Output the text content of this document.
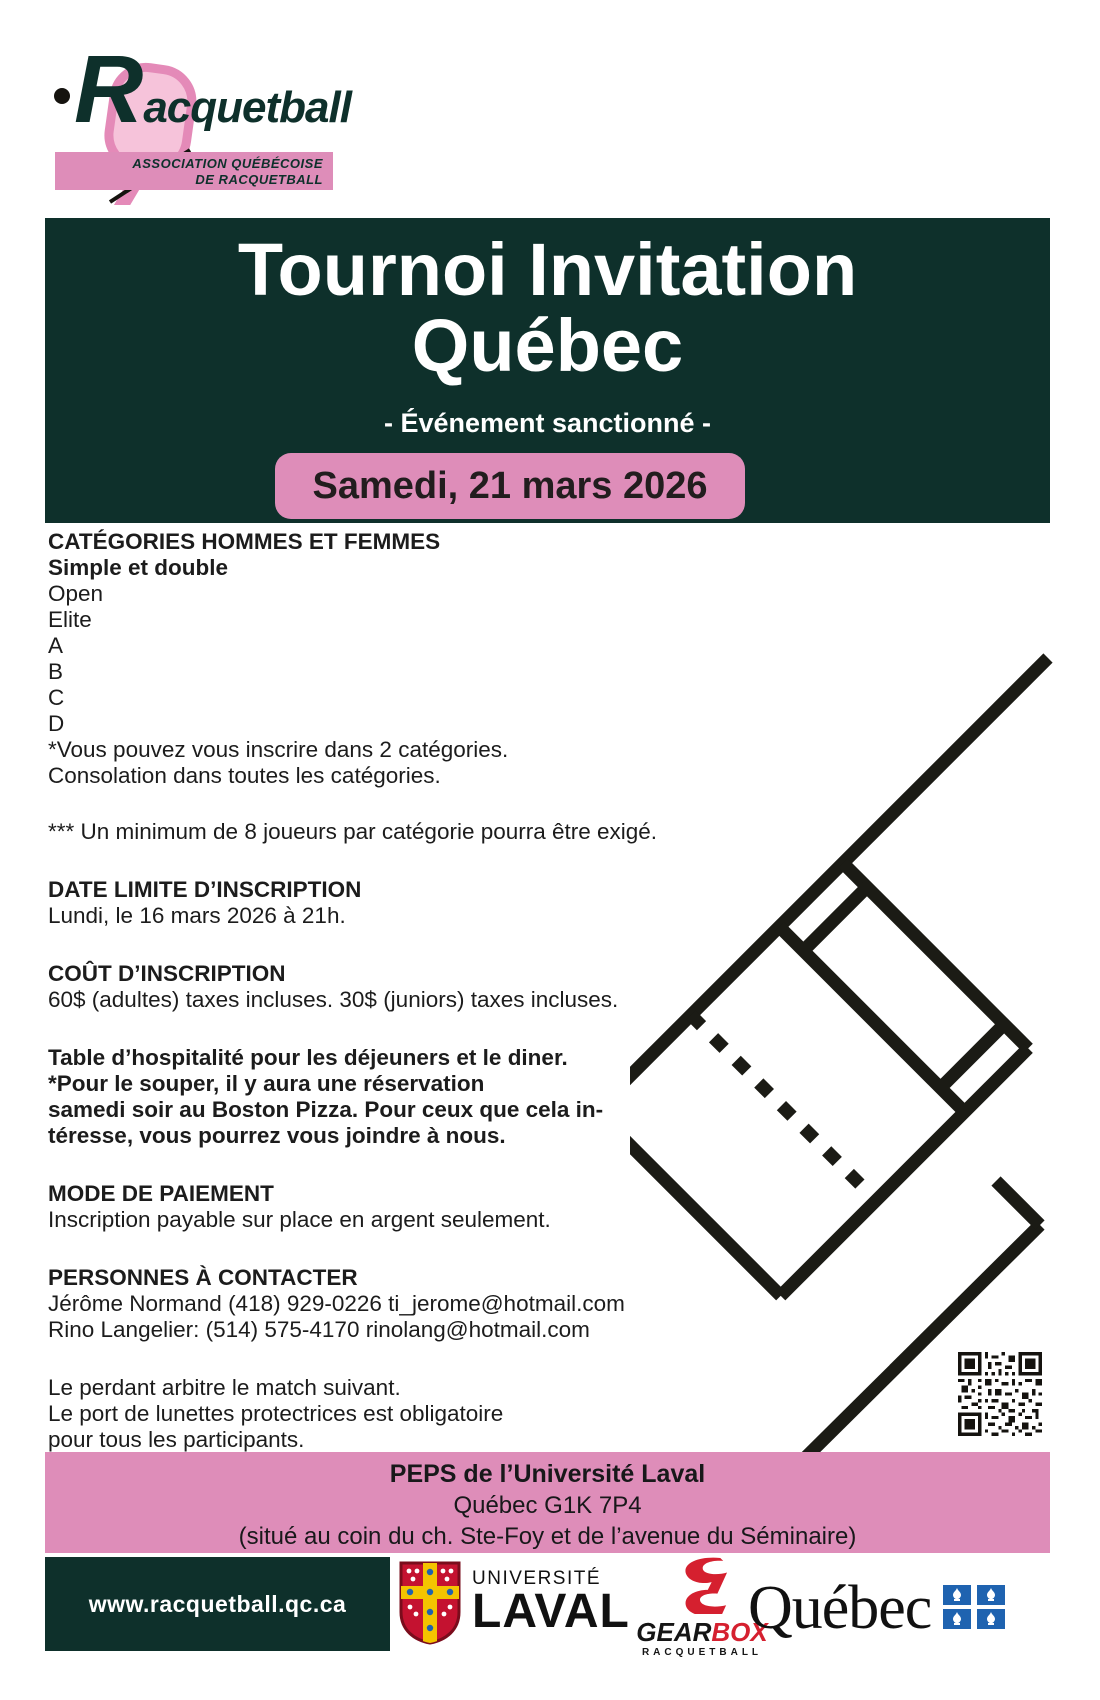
ASSOCIATION QUÉBÉCOISE
DE RACQUETBALL
Racquetball
Tournoi Invitation
Québec
- Événement sanctionné -
Samedi, 21 mars 2026
CATÉGORIES HOMMES ET FEMMES
Simple et double
Open
Elite
A
B
C
D
*Vous pouvez vous inscrire dans 2 catégories.
Consolation dans toutes les catégories.
*** Un minimum de 8 joueurs par catégorie pourra être exigé.
DATE LIMITE D’INSCRIPTION
Lundi, le 16 mars 2026 à 21h.
COÛT D’INSCRIPTION
60$ (adultes) taxes incluses. 30$ (juniors) taxes incluses.
Table d’hospitalité pour les déjeuners et le diner.
*Pour le souper, il y aura une réservation
samedi soir au Boston Pizza. Pour ceux que cela in-
téresse, vous pourrez vous joindre à nous.
MODE DE PAIEMENT
Inscription payable sur place en argent seulement.
PERSONNES À CONTACTER
Jérôme Normand (418) 929-0226 ti_jerome@hotmail.com
Rino Langelier: (514) 575-4170 rinolang@hotmail.com
Le perdant arbitre le match suivant.
Le port de lunettes protectrices est obligatoire
pour tous les participants.
PEPS de l’Université Laval
Québec G1K 7P4
(situé au coin du ch. Ste-Foy et de l’avenue du Séminaire)
www.racquetball.qc.ca
UNIVERSITÉ
LAVAL GEARBOX
RACQUETBALL
Québec
